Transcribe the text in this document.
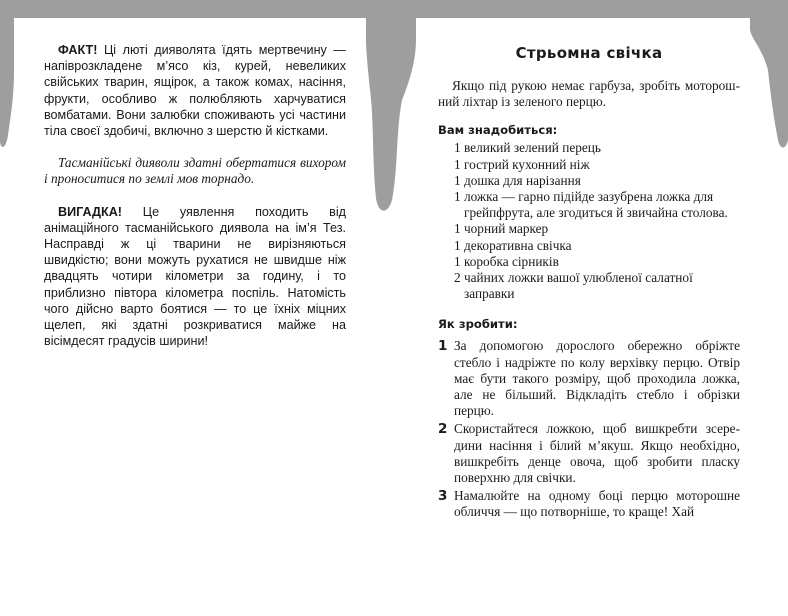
ФАКТ! Ці люті дияволята їдять мертвечину — напіврозкладене м’ясо кіз, курей, невеликих свійських тварин, ящірок, а також комах, насіння, фрукти, особливо ж полюбляють харчуватися вомбатами. Вони залюбки споживають усі частини тіла своєї здобичі, включно з шерстю й кістками.

Тасманійські диявoли здатні обертатися вихором і проноситися по землі мов торнадо.

ВИГАДКА! Це уявлення походить від анімаційного тасманійського диявола на ім’я Тез. Насправді ж ці тварини не вирізняються швидкістю; вони можуть рухатися не швидше ніж двадцять чотири кілометри за годину, і то приблизно півтора кілометра поспіль. Натомість чого дійсно варто боятися — то це їхніх міцних щелеп, які здатні розкриватися майже на вісімдесят градусів ширини!

Стрьомна свічка

Якщо під рукою немає гарбуза, зробіть моторошний ліхтар із зеленого перцю.

Вам знадобиться:
1 великий зелений перець
1 гострий кухонний ніж
1 дошка для нарізання
1 ложка — гарно підійде зазубрена ложка для грейпфрута, але згодиться й звичайна столова.
1 чорний маркер
1 декоративна свічка
1 коробка сірників
2 чайних ложки вашої улюбленої салатної заправки
Як зробити:
1 За допомогою дорослого обережно обріжте стебло і надріжте по колу верхівку перцю. Отвір має бути такого розміру, щоб проходила ложка, але не більший. Відкладіть стебло і обрізки перцю.
2 Скористайтеся ложкою, щоб вишкребти зсередини насіння і білий м’якуш. Якщо необхідно, вишкребіть денце овоча, щоб зробити пласку поверхню для свічки.
3 Намалюйте на одному боці перцю моторошне обличчя — що потворніше, то краще! Хай
